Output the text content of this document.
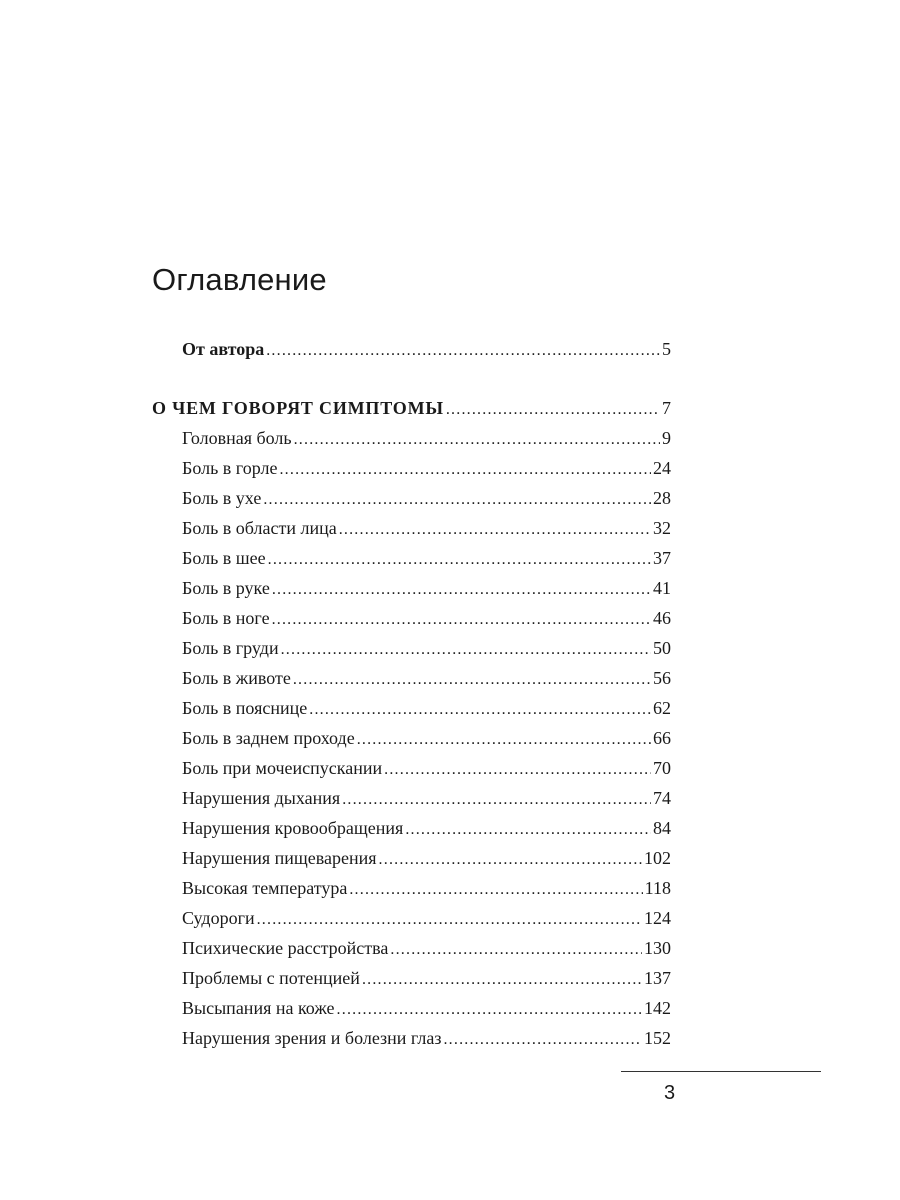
Оглавление
От автора .....	5
О ЧЕМ ГОВОРЯТ СИМПТОМЫ .....	7
Головная боль .....	9
Боль в горле .....	24
Боль в ухе .....	28
Боль в области лица .....	32
Боль в шее .....	37
Боль в руке .....	41
Боль в ноге .....	46
Боль в груди .....	50
Боль в животе .....	56
Боль в пояснице .....	62
Боль в заднем проходе .....	66
Боль при мочеиспускании .....	70
Нарушения дыхания .....	74
Нарушения кровообращения .....	84
Нарушения пищеварения .....	102
Высокая температура .....	118
Судороги .....	124
Психические расстройства .....	130
Проблемы с потенцией .....	137
Высыпания на коже .....	142
Нарушения зрения и болезни глаз .....	152
3
